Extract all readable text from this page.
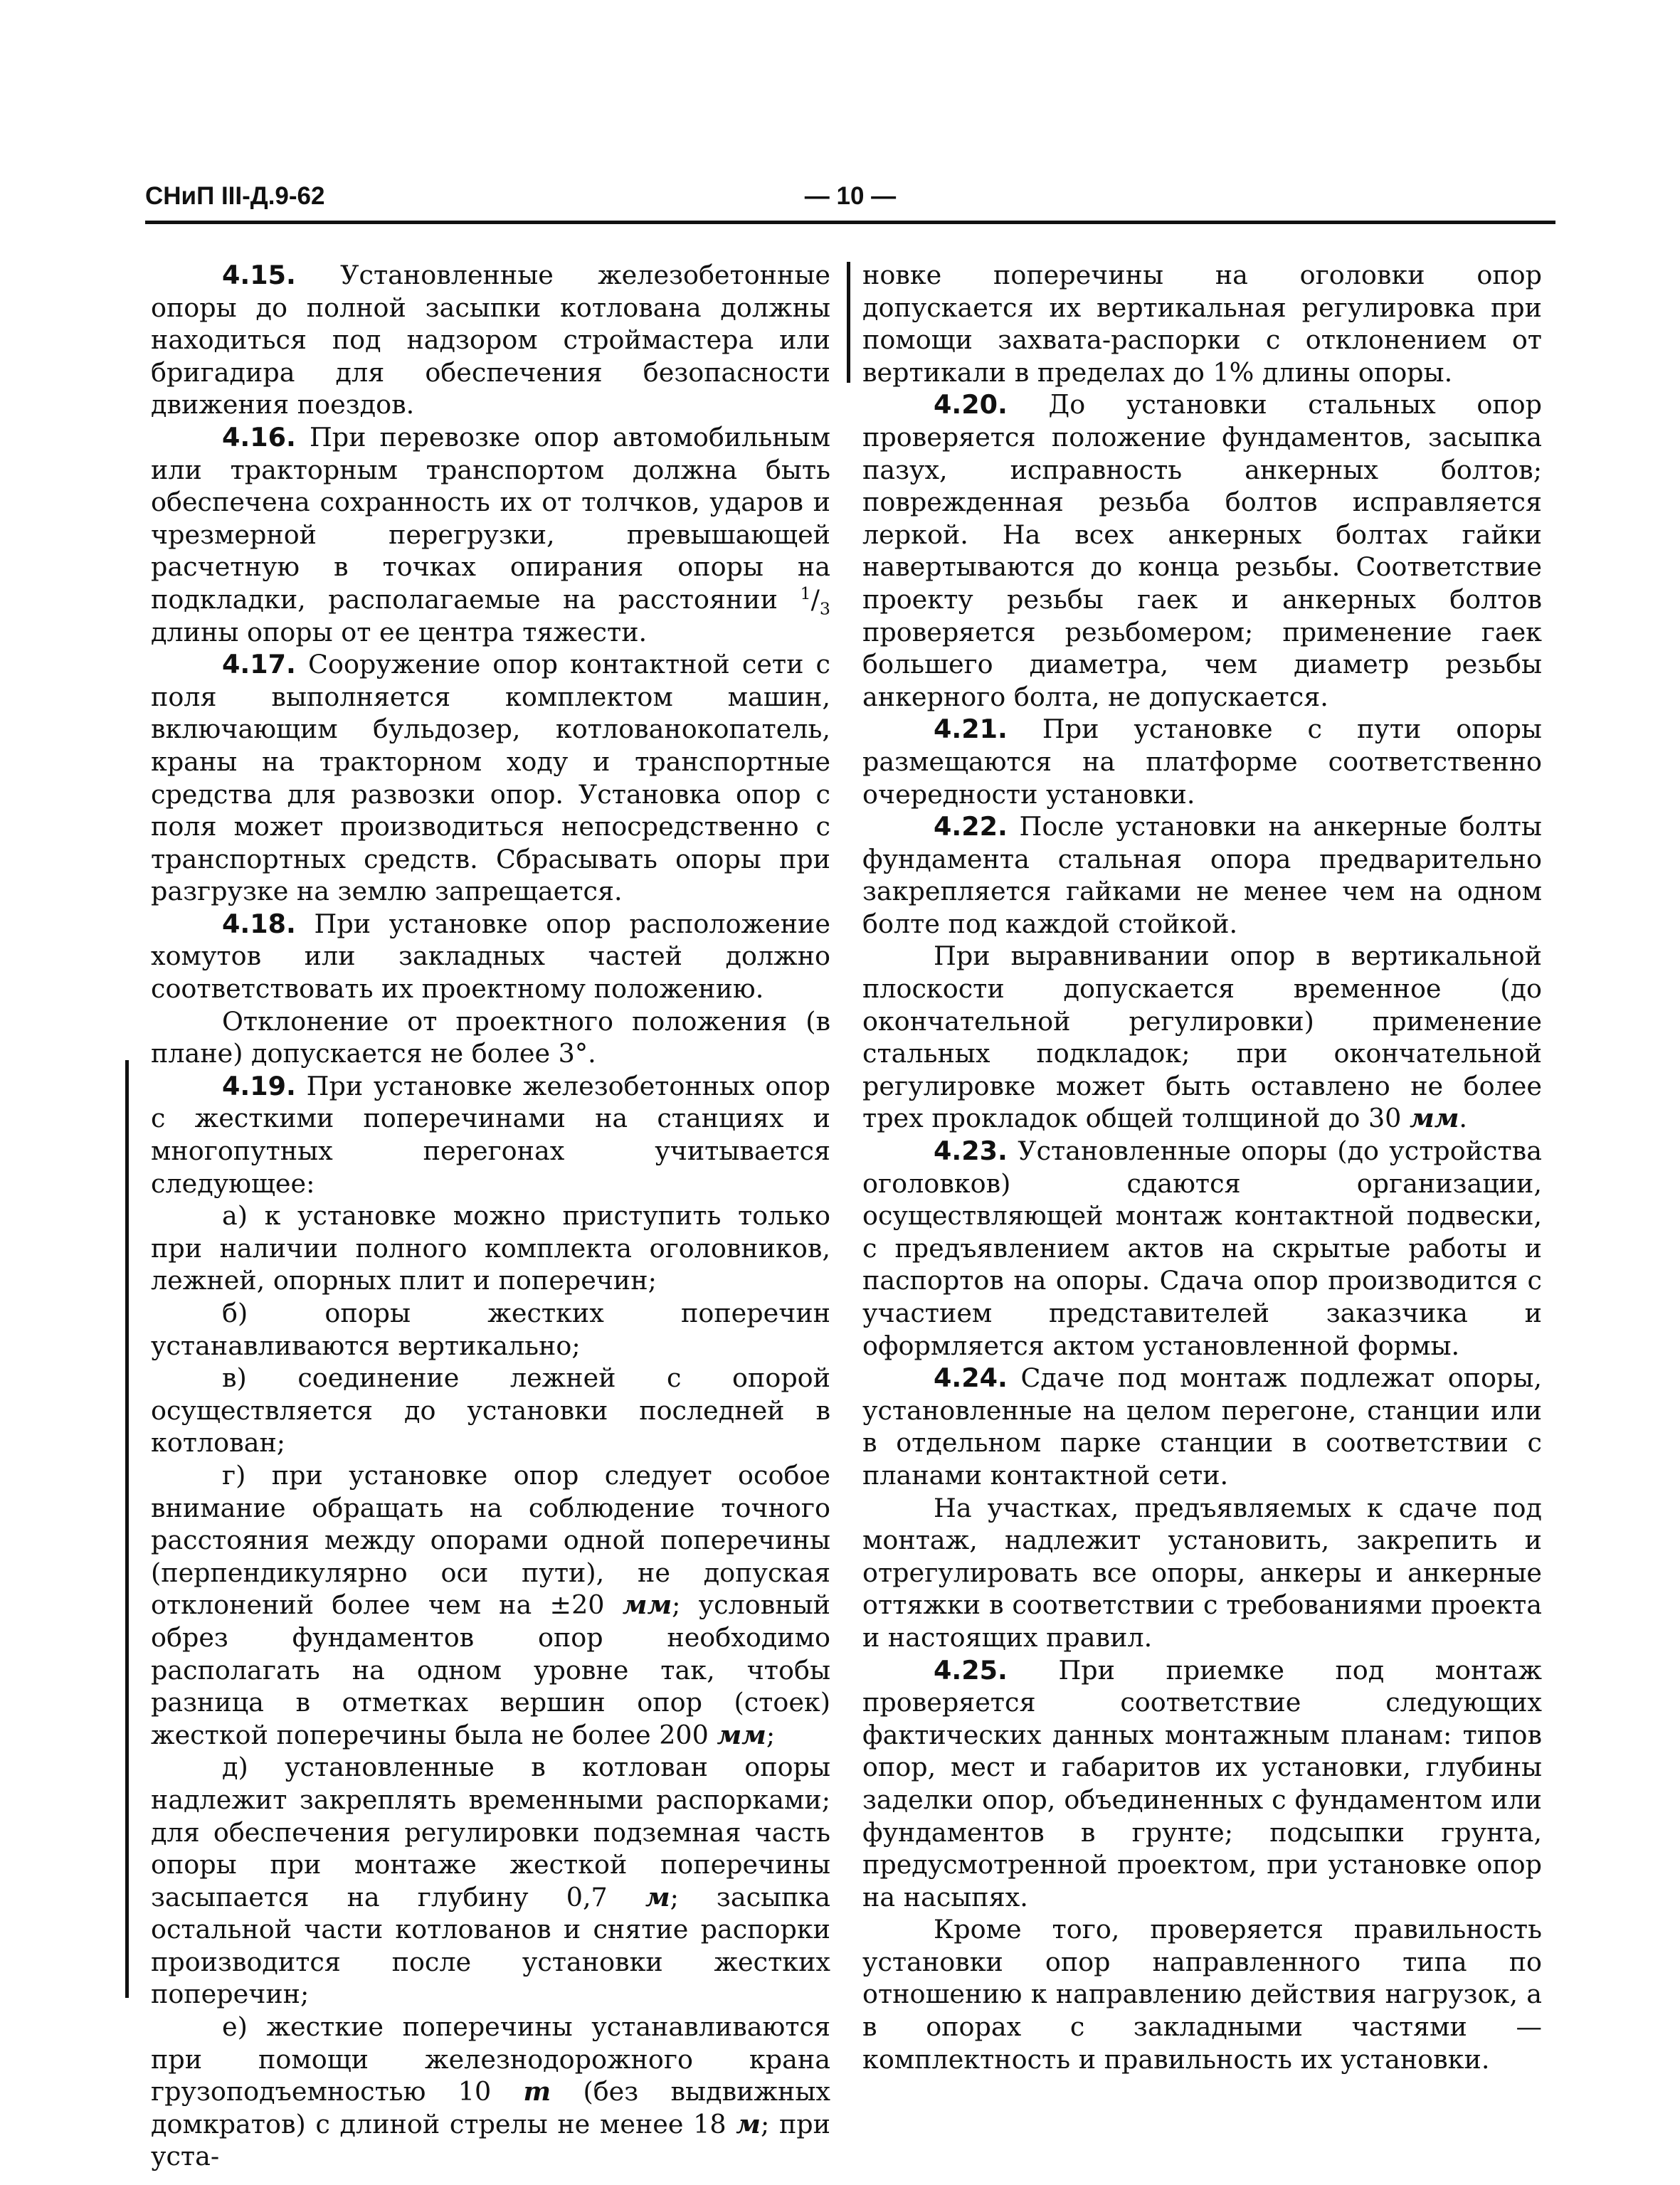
СНиП III-Д.9-62	— 10 —

4.15. Установленные железобетонные опоры до полной засыпки котлована должны находиться под надзором строймастера или бригадира для обеспечения безопасности движения поездов.

4.16. При перевозке опор автомобильным или тракторным транспортом должна быть обеспечена сохранность их от толчков, ударов и чрезмерной перегрузки, превышающей расчетную в точках опирания опоры на подкладки, располагаемые на расстоянии $^1/_3$ длины опоры от ее центра тяжести.

4.17. Сооружение опор контактной сети с поля выполняется комплектом машин, включающим бульдозер, котлованокопатель, краны на тракторном ходу и транспортные средства для развозки опор. Установка опор с поля может производиться непосредственно с транспортных средств. Сбрасывать опоры при разгрузке на землю запрещается.

4.18. При установке опор расположение хомутов или закладных частей должно соответствовать их проектному положению.

Отклонение от проектного положения (в плане) допускается не более 3°.

4.19. При установке железобетонных опор с жесткими поперечинами на станциях и многопутных перегонах учитывается следующее:

а) к установке можно приступить только при наличии полного комплекта оголовников, лежней, опорных плит и поперечин;

б) опоры жестких поперечин устанавливаются вертикально;

в) соединение лежней с опорой осуществляется до установки последней в котлован;

г) при установке опор следует особое внимание обращать на соблюдение точного расстояния между опорами одной поперечины (перпендикулярно оси пути), не допуская отклонений более чем на ±20 мм; условный обрез фундаментов опор необходимо располагать на одном уровне так, чтобы разница в отметках вершин опор (стоек) жесткой поперечины была не более 200 мм;

д) установленные в котлован опоры надлежит закреплять временными распорками; для обеспечения регулировки подземная часть опоры при монтаже жесткой поперечины засыпается на глубину 0,7 м; засыпка остальной части котлованов и снятие распорки производится после установки жестких поперечин;

е) жесткие поперечины устанавливаются при помощи железнодорожного крана грузоподъемностью 10 т (без выдвижных домкратов) с длиной стрелы не менее 18 м; при уста-

новке поперечины на оголовки опор допускается их вертикальная регулировка при помощи захвата-распорки с отклонением от вертикали в пределах до 1% длины опоры.

4.20. До установки стальных опор проверяется положение фундаментов, засыпка пазух, исправность анкерных болтов; поврежденная резьба болтов исправляется леркой. На всех анкерных болтах гайки навертываются до конца резьбы. Соответствие проекту резьбы гаек и анкерных болтов проверяется резьбомером; применение гаек большего диаметра, чем диаметр резьбы анкерного болта, не допускается.

4.21. При установке с пути опоры размещаются на платформе соответственно очередности установки.

4.22. После установки на анкерные болты фундамента стальная опора предварительно закрепляется гайками не менее чем на одном болте под каждой стойкой.

При выравнивании опор в вертикальной плоскости допускается временное (до окончательной регулировки) применение стальных подкладок; при окончательной регулировке может быть оставлено не более трех прокладок общей толщиной до 30 мм.

4.23. Установленные опоры (до устройства оголовков) сдаются организации, осуществляющей монтаж контактной подвески, с предъявлением актов на скрытые работы и паспортов на опоры. Сдача опор производится с участием представителей заказчика и оформляется актом установленной формы.

4.24. Сдаче под монтаж подлежат опоры, установленные на целом перегоне, станции или в отдельном парке станции в соответствии с планами контактной сети.

На участках, предъявляемых к сдаче под монтаж, надлежит установить, закрепить и отрегулировать все опоры, анкеры и анкерные оттяжки в соответствии с требованиями проекта и настоящих правил.

4.25. При приемке под монтаж проверяется соответствие следующих фактических данных монтажным планам: типов опор, мест и габаритов их установки, глубины заделки опор, объединенных с фундаментом или фундаментов в грунте; подсыпки грунта, предусмотренной проектом, при установке опор на насыпях.

Кроме того, проверяется правильность установки опор направленного типа по отношению к направлению действия нагрузок, а в опорах с закладными частями — комплектность и правильность их установки.
